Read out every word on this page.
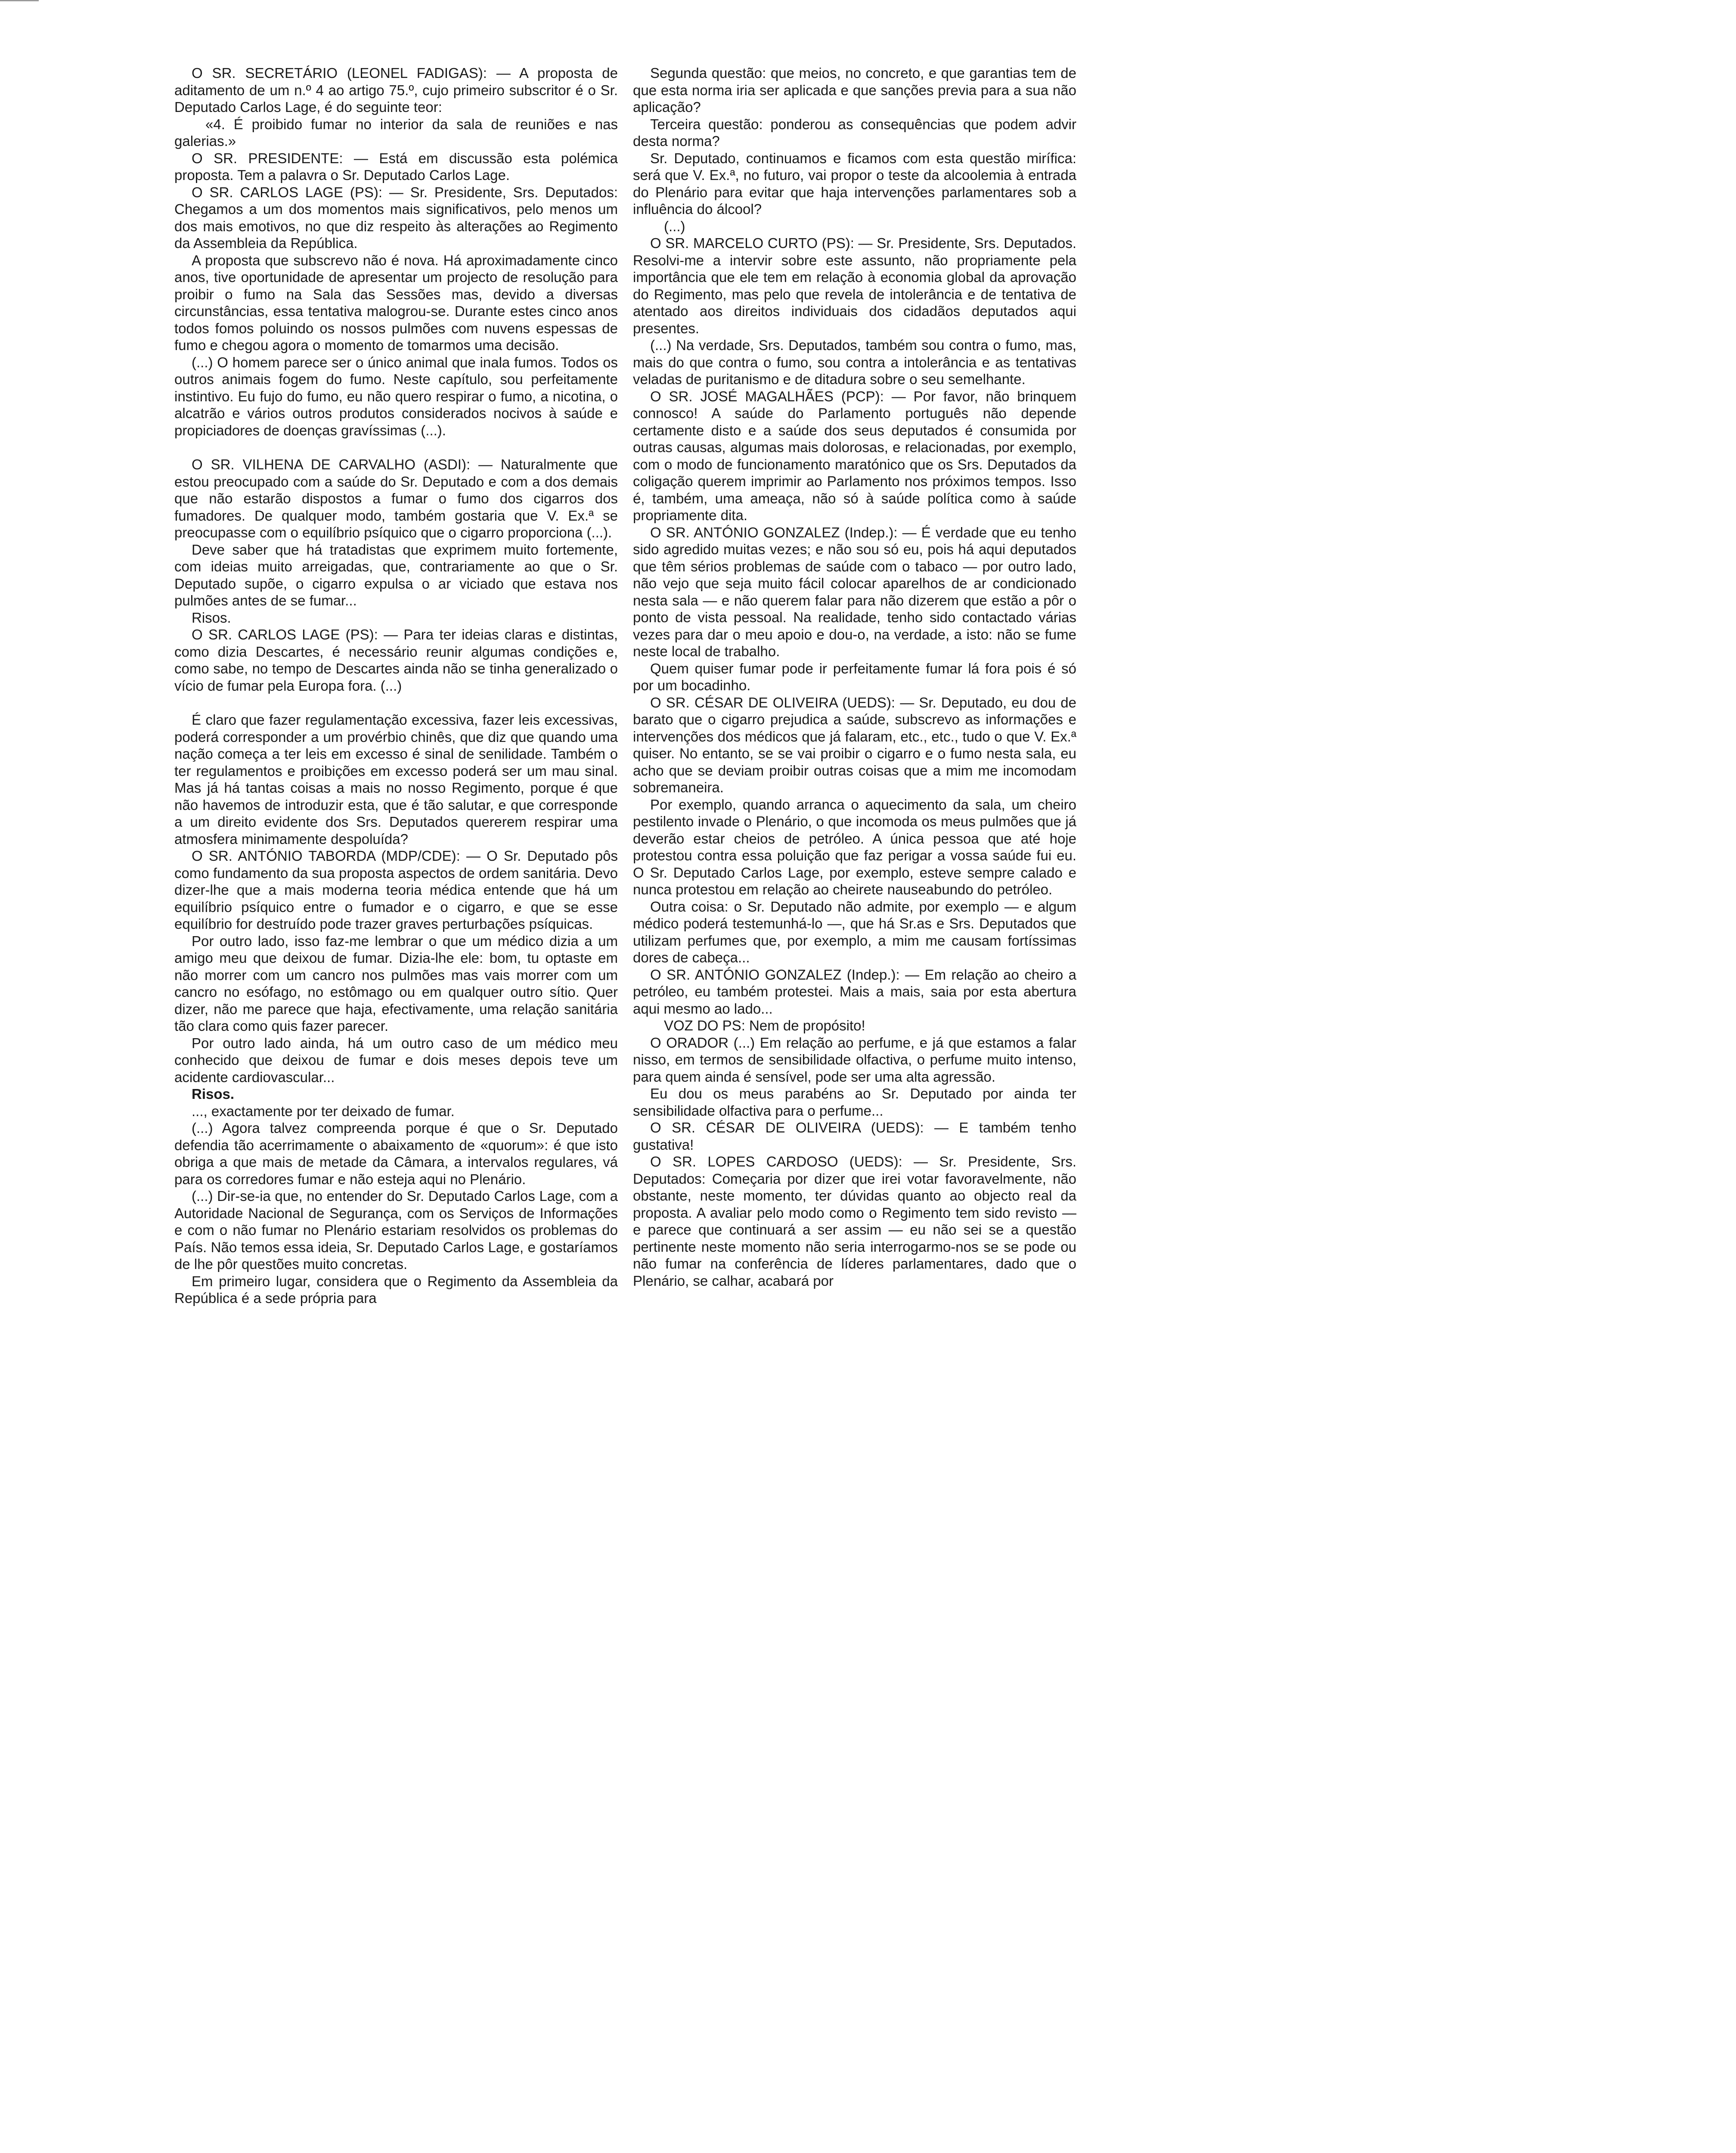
O SR. SECRETÁRIO (LEONEL FADIGAS): — A proposta de aditamento de um n.º 4 ao artigo 75.º, cujo primeiro subscritor é o Sr. Deputado Carlos Lage, é do seguinte teor:

«4. É proibido fumar no interior da sala de reuniões e nas galerias.»

O SR. PRESIDENTE: — Está em discussão esta polémica proposta. Tem a palavra o Sr. Deputado Carlos Lage.

O SR. CARLOS LAGE (PS): — Sr. Presidente, Srs. Deputados: Chegamos a um dos momentos mais significativos, pelo menos um dos mais emotivos, no que diz respeito às alterações ao Regimento da Assembleia da República.

A proposta que subscrevo não é nova. Há aproximadamente cinco anos, tive oportunidade de apresentar um projecto de resolução para proibir o fumo na Sala das Sessões mas, devido a diversas circunstâncias, essa tentativa malogrou-se. Durante estes cinco anos todos fomos poluindo os nossos pulmões com nuvens espessas de fumo e chegou agora o momento de tomarmos uma decisão.

(...) O homem parece ser o único animal que inala fumos. Todos os outros animais fogem do fumo. Neste capítulo, sou perfeitamente instintivo. Eu fujo do fumo, eu não quero respirar o fumo, a nicotina, o alcatrão e vários outros produtos considerados nocivos à saúde e propiciadores de doenças gravíssimas (...).

O SR. VILHENA DE CARVALHO (ASDI): — Naturalmente que estou preocupado com a saúde do Sr. Deputado e com a dos demais que não estarão dispostos a fumar o fumo dos cigarros dos fumadores. De qualquer modo, também gostaria que V. Ex.ª se preocupasse com o equilíbrio psíquico que o cigarro proporciona (...).

Deve saber que há tratadistas que exprimem muito fortemente, com ideias muito arreigadas, que, contrariamente ao que o Sr. Deputado supõe, o cigarro expulsa o ar viciado que estava nos pulmões antes de se fumar...

Risos.

O SR. CARLOS LAGE (PS): — Para ter ideias claras e distintas, como dizia Descartes, é necessário reunir algumas condições e, como sabe, no tempo de Descartes ainda não se tinha generalizado o vício de fumar pela Europa fora. (...)

É claro que fazer regulamentação excessiva, fazer leis excessivas, poderá corresponder a um provérbio chinês, que diz que quando uma nação começa a ter leis em excesso é sinal de senilidade. Também o ter regulamentos e proibições em excesso poderá ser um mau sinal. Mas já há tantas coisas a mais no nosso Regimento, porque é que não havemos de introduzir esta, que é tão salutar, e que corresponde a um direito evidente dos Srs. Deputados quererem respirar uma atmosfera minimamente despoluída?

O SR. ANTÓNIO TABORDA (MDP/CDE): — O Sr. Deputado pôs como fundamento da sua proposta aspectos de ordem sanitária. Devo dizer-lhe que a mais moderna teoria médica entende que há um equilíbrio psíquico entre o fumador e o cigarro, e que se esse equilíbrio for destruído pode trazer graves perturbações psíquicas.

Por outro lado, isso faz-me lembrar o que um médico dizia a um amigo meu que deixou de fumar. Dizia-lhe ele: bom, tu optaste em não morrer com um cancro nos pulmões mas vais morrer com um cancro no esófago, no estômago ou em qualquer outro sítio. Quer dizer, não me parece que haja, efectivamente, uma relação sanitária tão clara como quis fazer parecer.

Por outro lado ainda, há um outro caso de um médico meu conhecido que deixou de fumar e dois meses depois teve um acidente cardiovascular...

Risos.

..., exactamente por ter deixado de fumar.

(...) Agora talvez compreenda porque é que o Sr. Deputado defendia tão acerrimamente o abaixamento de «quorum»: é que isto obriga a que mais de metade da Câmara, a intervalos regulares, vá para os corredores fumar e não esteja aqui no Plenário.

(...) Dir-se-ia que, no entender do Sr. Deputado Carlos Lage, com a Autoridade Nacional de Segurança, com os Serviços de Informações e com o não fumar no Plenário estariam resolvidos os problemas do País. Não temos essa ideia, Sr. Deputado Carlos Lage, e gostaríamos de lhe pôr questões muito concretas.

Em primeiro lugar, considera que o Regimento da Assembleia da República é a sede própria para

Segunda questão: que meios, no concreto, e que garantias tem de que esta norma iria ser aplicada e que sanções previa para a sua não aplicação?

Terceira questão: ponderou as consequências que podem advir desta norma?

Sr. Deputado, continuamos e ficamos com esta questão mirífica: será que V. Ex.ª, no futuro, vai propor o teste da alcoolemia à entrada do Plenário para evitar que haja intervenções parlamentares sob a influência do álcool?

(...)

O SR. MARCELO CURTO (PS): — Sr. Presidente, Srs. Deputados. Resolvi-me a intervir sobre este assunto, não propriamente pela importância que ele tem em relação à economia global da aprovação do Regimento, mas pelo que revela de intolerância e de tentativa de atentado aos direitos individuais dos cidadãos deputados aqui presentes.

(...) Na verdade, Srs. Deputados, também sou contra o fumo, mas, mais do que contra o fumo, sou contra a intolerância e as tentativas veladas de puritanismo e de ditadura sobre o seu semelhante.

O SR. JOSÉ MAGALHÃES (PCP): — Por favor, não brinquem connosco! A saúde do Parlamento português não depende certamente disto e a saúde dos seus deputados é consumida por outras causas, algumas mais dolorosas, e relacionadas, por exemplo, com o modo de funcionamento maratónico que os Srs. Deputados da coligação querem imprimir ao Parlamento nos próximos tempos. Isso é, também, uma ameaça, não só à saúde política como à saúde propriamente dita.

O SR. ANTÓNIO GONZALEZ (Indep.): — É verdade que eu tenho sido agredido muitas vezes; e não sou só eu, pois há aqui deputados que têm sérios problemas de saúde com o tabaco — por outro lado, não vejo que seja muito fácil colocar aparelhos de ar condicionado nesta sala — e não querem falar para não dizerem que estão a pôr o ponto de vista pessoal. Na realidade, tenho sido contactado várias vezes para dar o meu apoio e dou-o, na verdade, a isto: não se fume neste local de trabalho.

Quem quiser fumar pode ir perfeitamente fumar lá fora pois é só por um bocadinho.

O SR. CÉSAR DE OLIVEIRA (UEDS): — Sr. Deputado, eu dou de barato que o cigarro prejudica a saúde, subscrevo as informações e intervenções dos médicos que já falaram, etc., etc., tudo o que V. Ex.ª quiser. No entanto, se se vai proibir o cigarro e o fumo nesta sala, eu acho que se deviam proibir outras coisas que a mim me incomodam sobremaneira.

Por exemplo, quando arranca o aquecimento da sala, um cheiro pestilento invade o Plenário, o que incomoda os meus pulmões que já deverão estar cheios de petróleo. A única pessoa que até hoje protestou contra essa poluição que faz perigar a vossa saúde fui eu. O Sr. Deputado Carlos Lage, por exemplo, esteve sempre calado e nunca protestou em relação ao cheirete nauseabundo do petróleo.

Outra coisa: o Sr. Deputado não admite, por exemplo — e algum médico poderá testemunhá-lo —, que há Sr.as e Srs. Deputados que utilizam perfumes que, por exemplo, a mim me causam fortíssimas dores de cabeça...

O SR. ANTÓNIO GONZALEZ (Indep.): — Em relação ao cheiro a petróleo, eu também protestei. Mais a mais, saia por esta abertura aqui mesmo ao lado...

VOZ DO PS: Nem de propósito!

O ORADOR (...) Em relação ao perfume, e já que estamos a falar nisso, em termos de sensibilidade olfactiva, o perfume muito intenso, para quem ainda é sensível, pode ser uma alta agressão.

Eu dou os meus parabéns ao Sr. Deputado por ainda ter sensibilidade olfactiva para o perfume...

O SR. CÉSAR DE OLIVEIRA (UEDS): — E também tenho gustativa!

O SR. LOPES CARDOSO (UEDS): — Sr. Presidente, Srs. Deputados: Começaria por dizer que irei votar favoravelmente, não obstante, neste momento, ter dúvidas quanto ao objecto real da proposta. A avaliar pelo modo como o Regimento tem sido revisto — e parece que continuará a ser assim — eu não sei se a questão pertinente neste momento não seria interrogarmo-nos se se pode ou não fumar na conferência de líderes parlamentares, dado que o Plenário, se calhar, acabará por
